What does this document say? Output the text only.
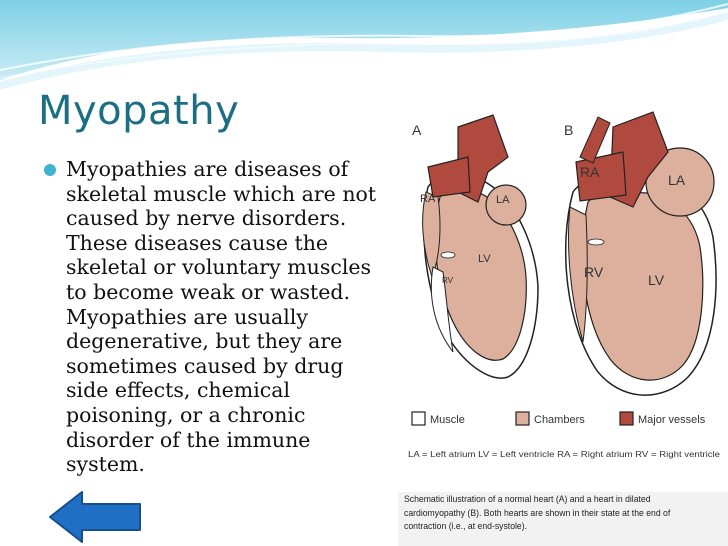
Myopathy
Myopathies are diseases of
skeletal muscle which are not
caused by nerve disorders.
These diseases cause the
skeletal or voluntary muscles
to become weak or wasted.
Myopathies are usually
degenerative, but they are
sometimes caused by drug
side effects, chemical
poisoning, or a chronic
disorder of the immune
system.
A
RA	LA
LV
RV
B
RA	LA
LV
RV
Muscle	Chambers	Major vessels
LA = Left atrium LV = Left ventricle RA = Right atrium RV = Right ventricle
Schematic illustration of a normal heart (A) and a heart in dilated cardiomyopathy (B). Both hearts are shown in their state at the end of contraction (i.e., at end-systole).
